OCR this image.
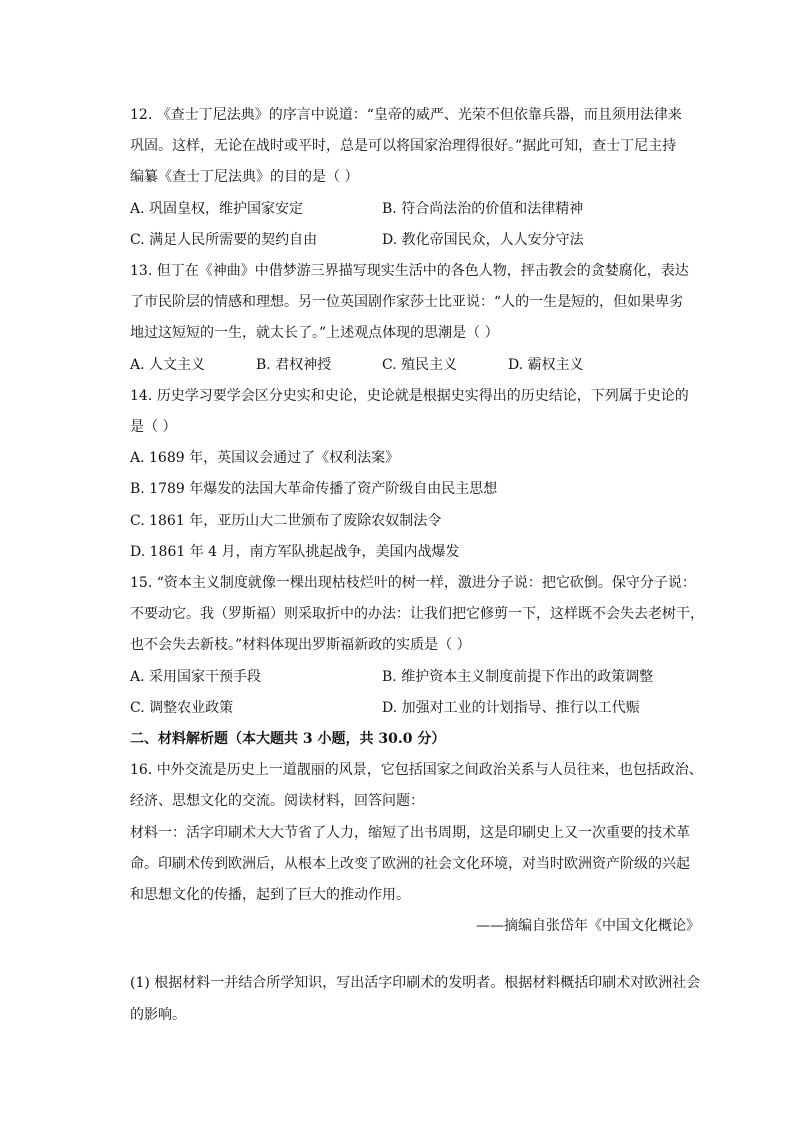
12. 《查士丁尼法典》的序言中说道：“皇帝的威严、光荣不但依靠兵器，而且须用法律来
巩固。这样，无论在战时或平时，总是可以将国家治理得很好。”据此可知，查士丁尼主持
编纂《查士丁尼法典》的目的是（ ）
A. 巩固皇权，维护国家安定	B. 符合尚法治的价值和法律精神
C. 满足人民所需要的契约自由	D. 教化帝国民众，人人安分守法
13. 但丁在《神曲》中借梦游三界描写现实生活中的各色人物，抨击教会的贪婪腐化，表达
了市民阶层的情感和理想。另一位英国剧作家莎士比亚说：“人的一生是短的，但如果卑劣
地过这短短的一生，就太长了。”上述观点体现的思潮是（ ）
A. 人文主义	B. 君权神授	C. 殖民主义	D. 霸权主义
14. 历史学习要学会区分史实和史论，史论就是根据史实得出的历史结论，下列属于史论的
是（ ）
A. 1689 年，英国议会通过了《权利法案》
B. 1789 年爆发的法国大革命传播了资产阶级自由民主思想
C. 1861 年，亚历山大二世颁布了废除农奴制法令
D. 1861 年 4 月，南方军队挑起战争，美国内战爆发
15. “资本主义制度就像一棵出现枯枝烂叶的树一样，激进分子说：把它砍倒。保守分子说：
不要动它。我（罗斯福）则采取折中的办法：让我们把它修剪一下，这样既不会失去老树干，
也不会失去新枝。”材料体现出罗斯福新政的实质是（ ）
A. 采用国家干预手段	B. 维护资本主义制度前提下作出的政策调整
C. 调整农业政策	D. 加强对工业的计划指导、推行以工代赈
二、材料解析题（本大题共 3 小题，共 30.0 分）
16. 中外交流是历史上一道靓丽的风景，它包括国家之间政治关系与人员往来，也包括政治、
经济、思想文化的交流。阅读材料，回答问题：
材料一：活字印刷术大大节省了人力，缩短了出书周期，这是印刷史上又一次重要的技术革
命。印刷术传到欧洲后，从根本上改变了欧洲的社会文化环境，对当时欧洲资产阶级的兴起
和思想文化的传播，起到了巨大的推动作用。
——摘编自张岱年《中国文化概论》
(1) 根据材料一并结合所学知识，写出活字印刷术的发明者。根据材料概括印刷术对欧洲社会
的影响。
